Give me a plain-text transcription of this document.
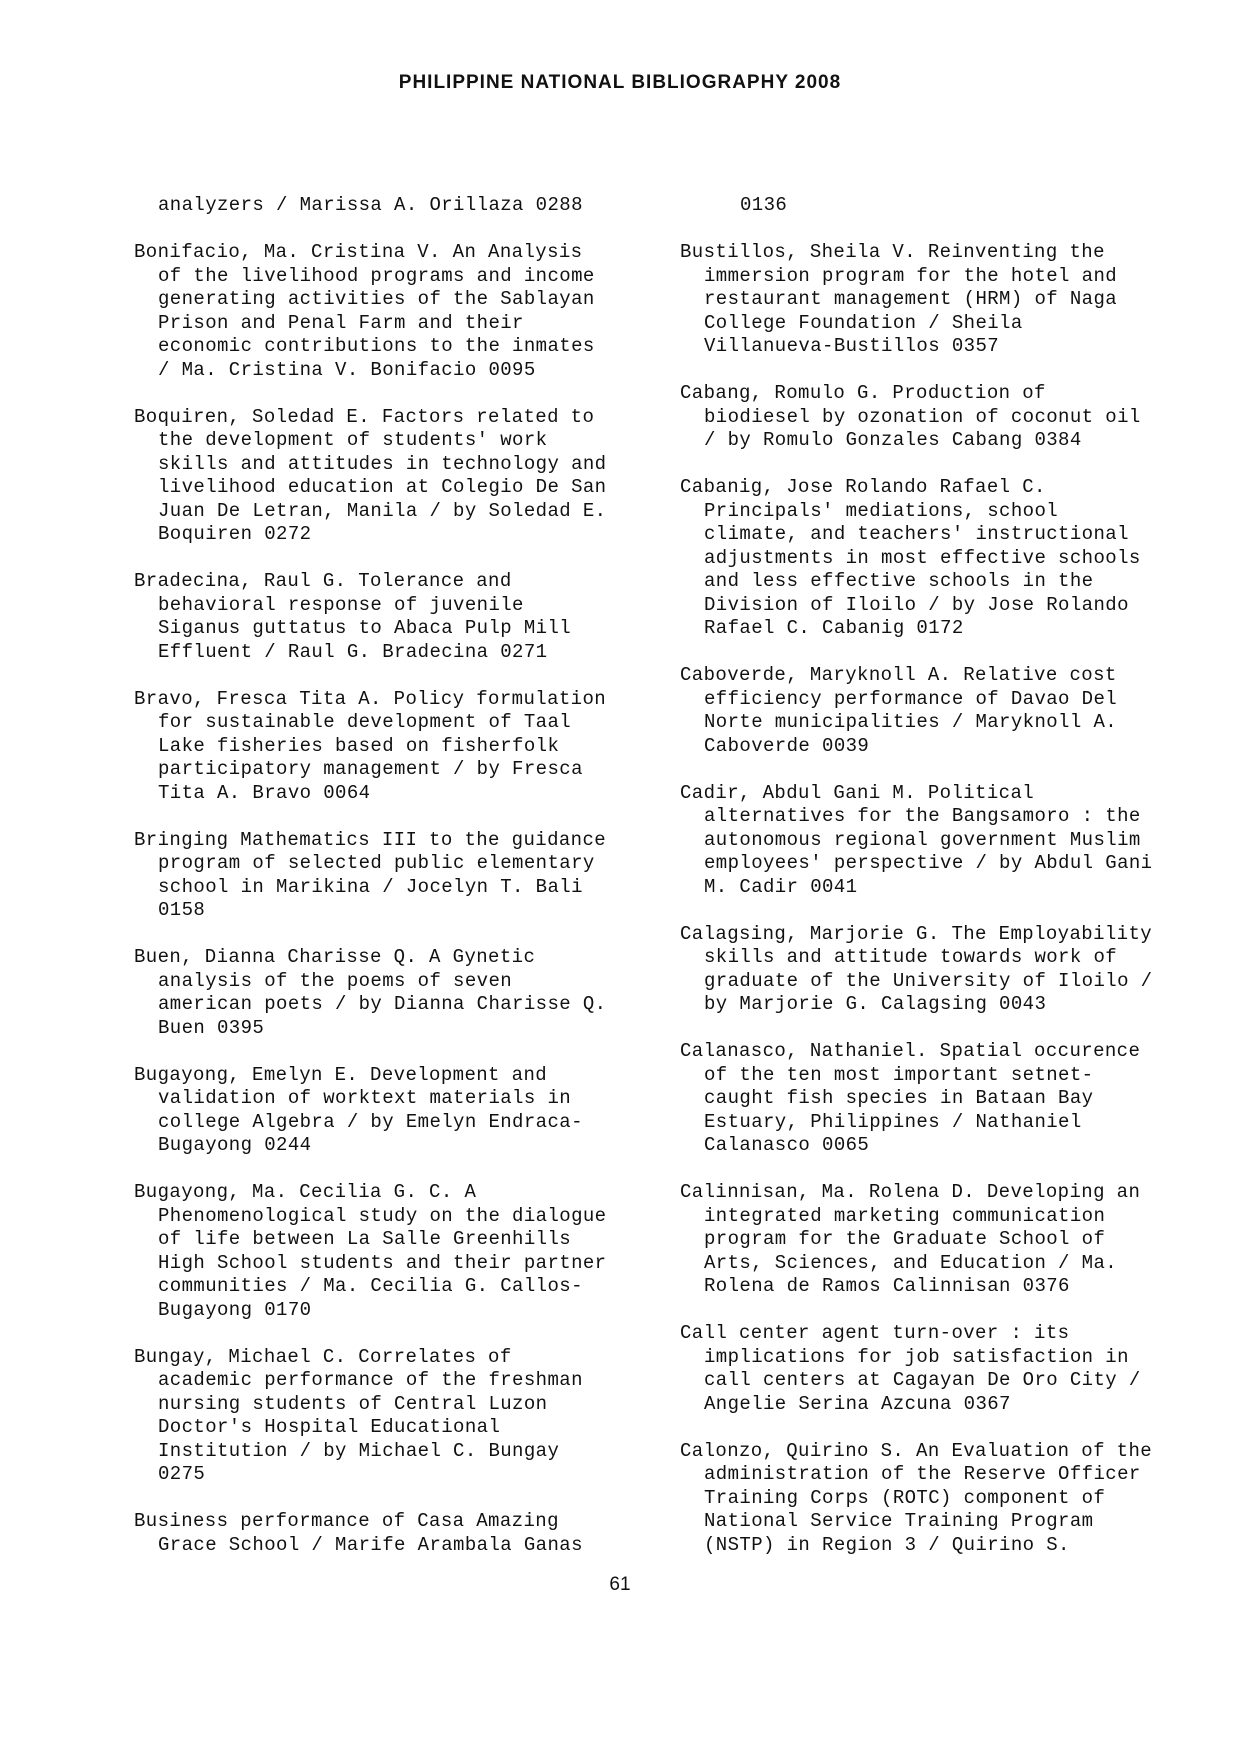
PHILIPPINE NATIONAL BIBLIOGRAPHY 2008

analyzers / Marissa A. Orillaza 0288

Bonifacio, Ma. Cristina V. An Analysis
of the livelihood programs and income
generating activities of the Sablayan
Prison and Penal Farm and their
economic contributions to the inmates
/ Ma. Cristina V. Bonifacio 0095

Boquiren, Soledad E. Factors related to
the development of students' work
skills and attitudes in technology and
livelihood education at Colegio De San
Juan De Letran, Manila / by Soledad E.
Boquiren 0272

Bradecina, Raul G. Tolerance and
behavioral response of juvenile
Siganus guttatus to Abaca Pulp Mill
Effluent / Raul G. Bradecina 0271

Bravo, Fresca Tita A. Policy formulation
for sustainable development of Taal
Lake fisheries based on fisherfolk
participatory management / by Fresca
Tita A. Bravo 0064

Bringing Mathematics III to the guidance
program of selected public elementary
school in Marikina / Jocelyn T. Bali
0158

Buen, Dianna Charisse Q. A Gynetic
analysis of the poems of seven
american poets / by Dianna Charisse Q.
Buen 0395

Bugayong, Emelyn E. Development and
validation of worktext materials in
college Algebra / by Emelyn Endraca-
Bugayong 0244

Bugayong, Ma. Cecilia G. C. A
Phenomenological study on the dialogue
of life between La Salle Greenhills
High School students and their partner
communities / Ma. Cecilia G. Callos-
Bugayong 0170

Bungay, Michael C. Correlates of
academic performance of the freshman
nursing students of Central Luzon
Doctor's Hospital Educational
Institution / by Michael C. Bungay
0275

Business performance of Casa Amazing
Grace School / Marife Arambala Ganas

0136

Bustillos, Sheila V. Reinventing the
immersion program for the hotel and
restaurant management (HRM) of Naga
College Foundation / Sheila
Villanueva-Bustillos 0357

Cabang, Romulo G. Production of
biodiesel by ozonation of coconut oil
/ by Romulo Gonzales Cabang 0384

Cabanig, Jose Rolando Rafael C.
Principals' mediations, school
climate, and teachers' instructional
adjustments in most effective schools
and less effective schools in the
Division of Iloilo / by Jose Rolando
Rafael C. Cabanig 0172

Caboverde, Maryknoll A. Relative cost
efficiency performance of Davao Del
Norte municipalities / Maryknoll A.
Caboverde 0039

Cadir, Abdul Gani M. Political
alternatives for the Bangsamoro : the
autonomous regional government Muslim
employees' perspective / by Abdul Gani
M. Cadir 0041

Calagsing, Marjorie G. The Employability
skills and attitude towards work of
graduate of the University of Iloilo /
by Marjorie G. Calagsing 0043

Calanasco, Nathaniel. Spatial occurence
of the ten most important setnet-
caught fish species in Bataan Bay
Estuary, Philippines / Nathaniel
Calanasco 0065

Calinnisan, Ma. Rolena D. Developing an
integrated marketing communication
program for the Graduate School of
Arts, Sciences, and Education / Ma.
Rolena de Ramos Calinnisan 0376

Call center agent turn-over : its
implications for job satisfaction in
call centers at Cagayan De Oro City /
Angelie Serina Azcuna 0367

Calonzo, Quirino S. An Evaluation of the
administration of the Reserve Officer
Training Corps (ROTC) component of
National Service Training Program
(NSTP) in Region 3 / Quirino S.

61
